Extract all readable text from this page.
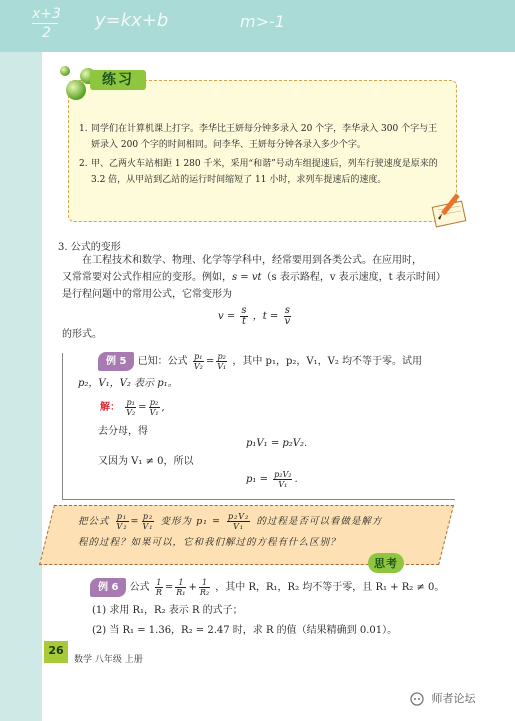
x+3
2
y=kx+b	m>-1
1. 同学们在计算机课上打字。李华比王妍每分钟多录入 20 个字，李华录入 300 个字与王妍录入 200 个字的时间相同。问李华、王妍每分钟各录入多少个字。
2. 甲、乙两火车站相距 1 280 千米，采用“和谐”号动车组提速后，列车行驶速度是原来的 3.2 倍，从甲站到乙站的运行时间缩短了 11 小时，求列车提速后的速度。
练习
3. 公式的变形
在工程技术和数学、物理、化学等学科中，经常要用到各类公式。在应用时，
又常常要对公式作相应的变形。例如，s = vt（s 表示路程，v 表示速度，t 表示时间）
是行程问题中的常用公式，它常变形为
$v = \frac{s}{t}$ ，$t = \frac{s}{v}$
的形式。
例 5 已知：公式 $\frac{\text{p₁}}{\text{V₂}} = \frac{\text{p₂}}{\text{V₁}}$ ，其中 p₁，p₂，V₁，V₂ 均不等于零。试用
p₂，V₁，V₂ 表示 p₁。
解： $\frac{\text{p₁}}{\text{V₂}} = \frac{\text{p₂}}{\text{V₁}}$ ,
去分母，得
p₁V₁ = p₂V₂.
又因为 V₁ ≠ 0，所以
$p_1 = \frac{\text{p₂V₂}}{\text{V₁}}$ .
把公式 $\frac{\text{p₁}}{\text{V₂}} = \frac{\text{p₂}}{\text{V₁}}$ 变形为 $p_1 = \frac{\text{p₂V₂}}{\text{V₁}}$ 的过程是否可以看做是解方
程的过程？如果可以，它和我们解过的方程有什么区别？
思考
例 6 公式 $\frac{1}{R} = \frac{1}{\text{R₁}} + \frac{1}{\text{R₂}}$ ，其中 R，R₁，R₂ 均不等于零，且 R₁ + R₂ ≠ 0。
(1) 求用 R₁，R₂ 表示 R 的式子；
(2) 当 R₁ = 1.36，R₂ = 2.47 时，求 R 的值（结果精确到 0.01）。
26
数学 八年级 上册
师者论坛
